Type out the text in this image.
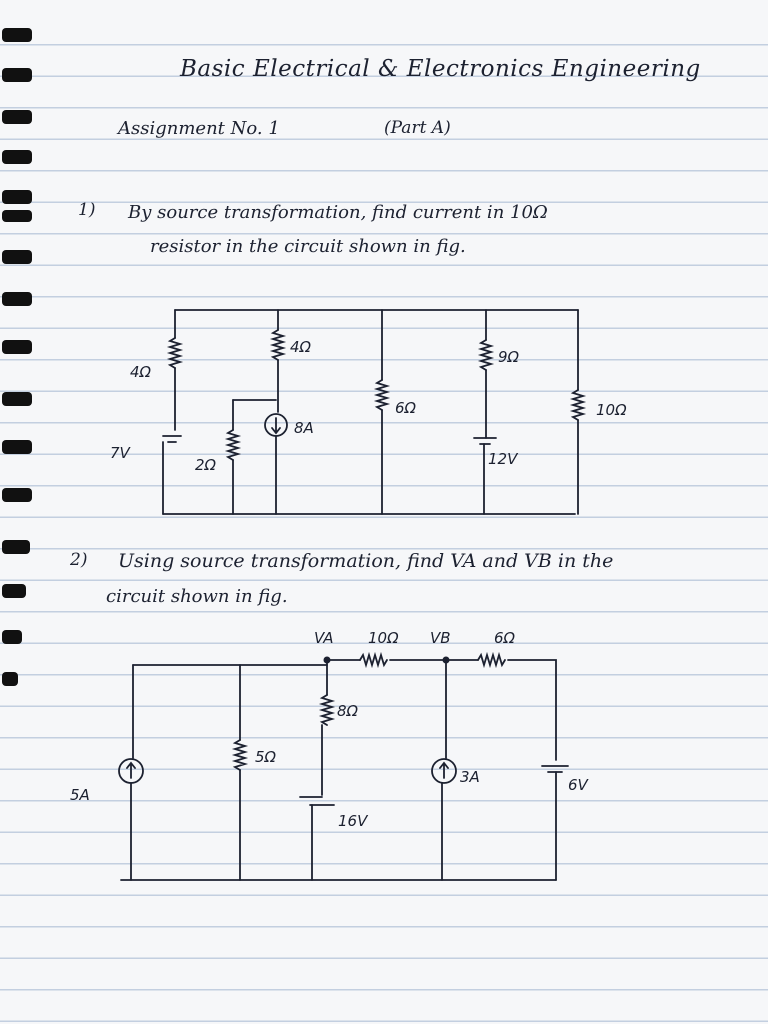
Basic Electrical & Electronics Engineering
Assignment No. 1	(Part A)
1) By source transformation, find current in 10Ω
resistor in the circuit shown in fig.
2) Using source transformation, find VA and VB in the
circuit shown in fig.
4Ω
4Ω
9Ω
6Ω	10Ω
2Ω
7V
8A
12V
VA	VB
10Ω	6Ω
8Ω
5Ω
5A
3A
16V
6V
